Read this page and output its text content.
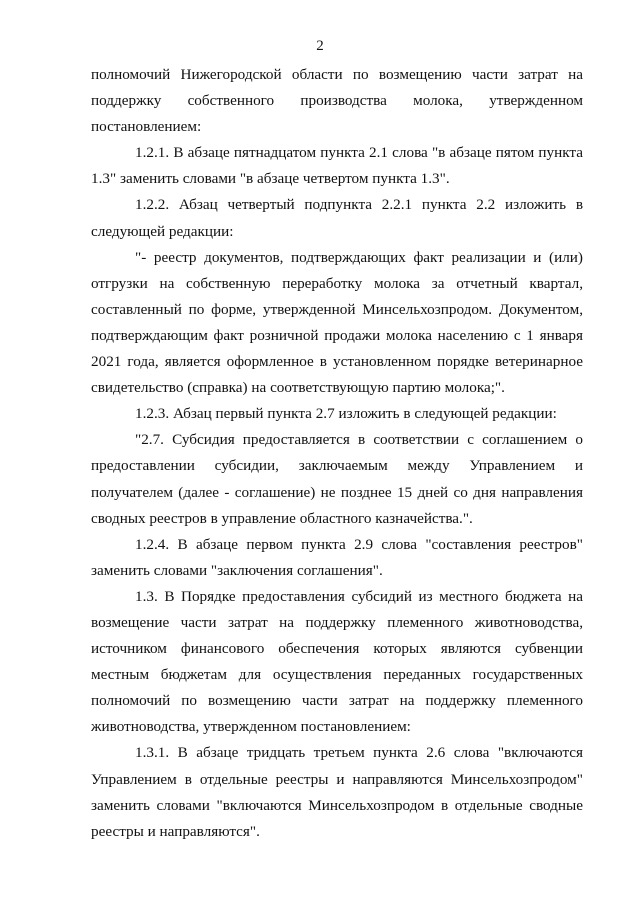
2

полномочий Нижегородской области по возмещению части затрат на поддержку собственного производства молока, утвержденном постановлением:

1.2.1. В абзаце пятнадцатом пункта 2.1 слова "в абзаце пятом пункта 1.3" заменить словами "в абзаце четвертом пункта 1.3".

1.2.2. Абзац четвертый подпункта 2.2.1 пункта 2.2 изложить в следующей редакции:

"- реестр документов, подтверждающих факт реализации и (или) отгрузки на собственную переработку молока за отчетный квартал, составленный по форме, утвержденной Минсельхозпродом. Документом, подтверждающим факт розничной продажи молока населению с 1 января 2021 года, является оформленное в установленном порядке ветеринарное свидетельство (справка) на соответствующую партию молока;".

1.2.3. Абзац первый пункта 2.7 изложить в следующей редакции:

"2.7. Субсидия предоставляется в соответствии с соглашением о предоставлении субсидии, заключаемым между Управлением и получателем (далее - соглашение) не позднее 15 дней со дня направления сводных реестров в управление областного казначейства.".

1.2.4. В абзаце первом пункта 2.9 слова "составления реестров" заменить словами "заключения соглашения".

1.3. В Порядке предоставления субсидий из местного бюджета на возмещение части затрат на поддержку племенного животноводства, источником финансового обеспечения которых являются субвенции местным бюджетам для осуществления переданных государственных полномочий по возмещению части затрат на поддержку племенного животноводства, утвержденном постановлением:

1.3.1. В абзаце тридцать третьем пункта 2.6 слова "включаются Управлением в отдельные реестры и направляются Минсельхозпродом" заменить словами "включаются Минсельхозпродом в отдельные сводные реестры и направляются".
